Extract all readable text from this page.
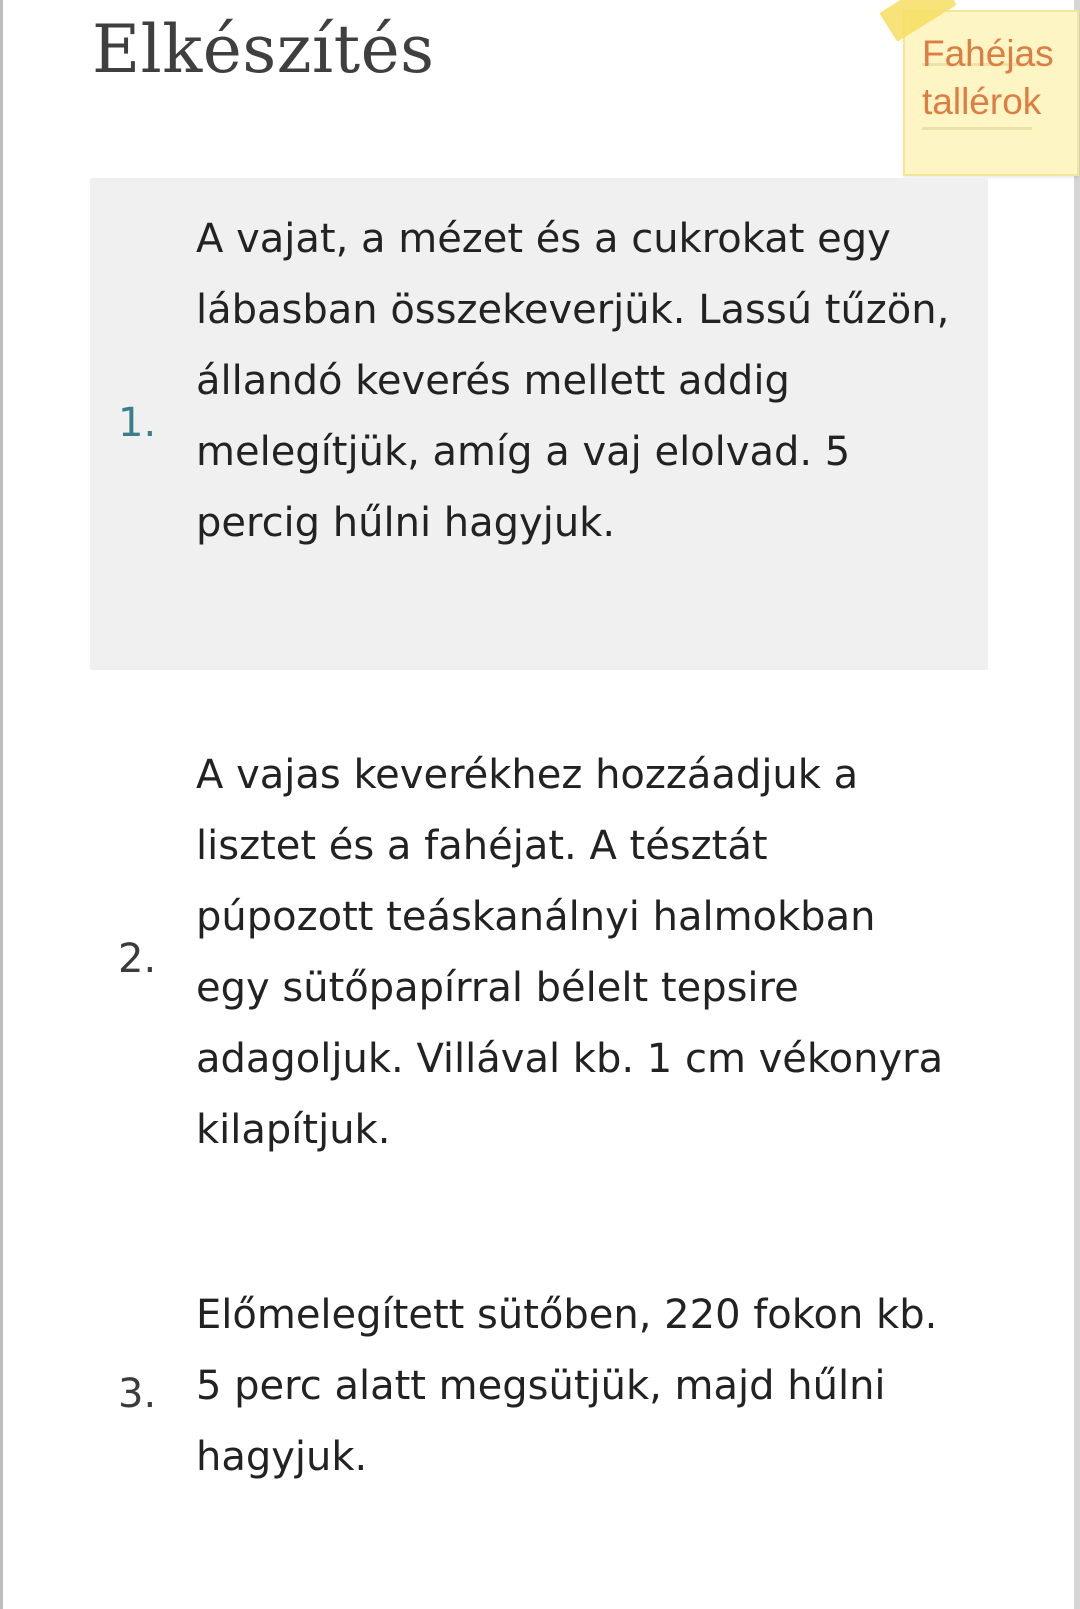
Elkészítés	Fahéjas
tallérok
1.

A vajat, a mézet és a cukrokat egy lábasban összekeverjük. Lassú tűzön, állandó keverés mellett addig melegítjük, amíg a vaj elolvad. 5 percig hűlni hagyjuk.

2.

A vajas keverékhez hozzáadjuk a lisztet és a fahéjat. A tésztát púpozott teáskanálnyi halmokban egy sütőpapírral bélelt tepsire adagoljuk. Villával kb. 1 cm vékonyra kilapítjuk.

3.

Előmelegített sütőben, 220 fokon kb. 5 perc alatt megsütjük, majd hűlni hagyjuk.
